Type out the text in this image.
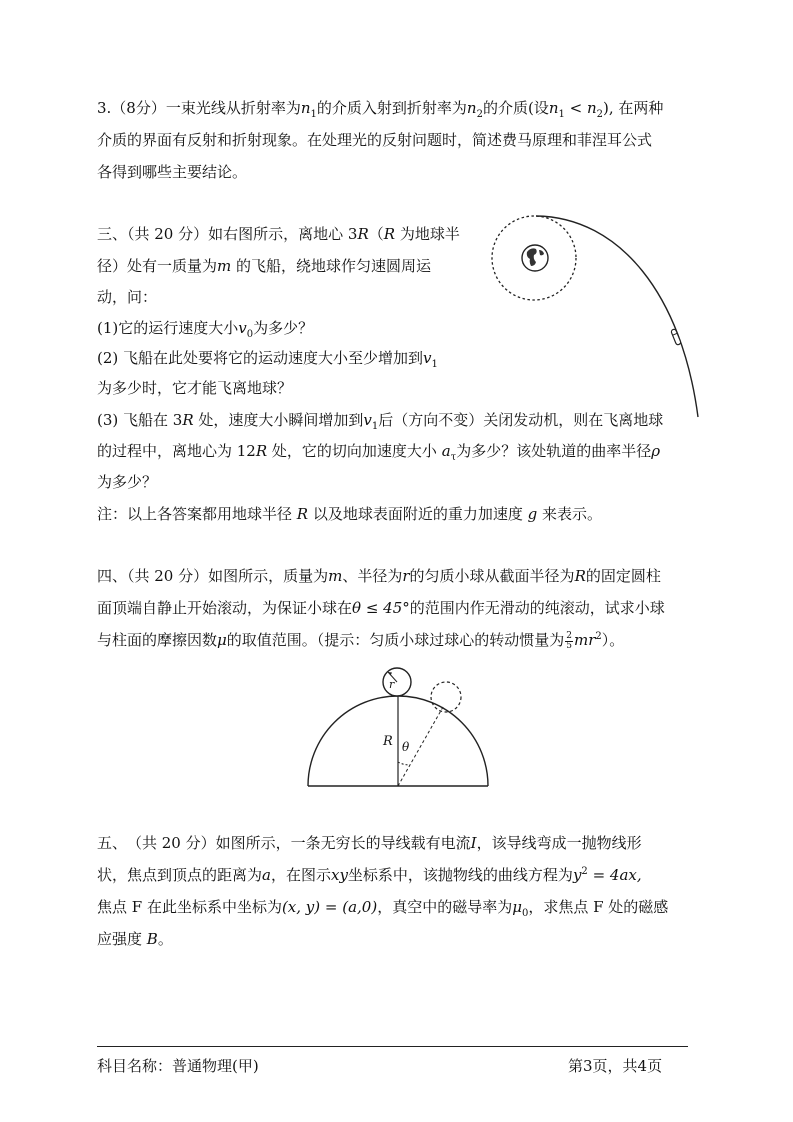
3.（8分）一束光线从折射率为$n_1$的介质入射到折射率为$n_2$的介质(设$n_1 < n_2$), 在两种
介质的界面有反射和折射现象。在处理光的反射问题时，简述费马原理和菲涅耳公式
各得到哪些主要结论。
三、（共 20 分）如右图所示，离地心 3R（R 为地球半
径）处有一质量为m 的飞船，绕地球作匀速圆周运
动，问：
(1)它的运行速度大小$v_0$为多少？
(2) 飞船在此处要将它的运动速度大小至少增加到$v_1$
为多少时，它才能飞离地球？
(3) 飞船在 3R 处，速度大小瞬间增加到$v_1$后（方向不变）关闭发动机，则在飞离地球
的过程中，离地心为 12R 处，它的切向加速度大小 $a_\tau$为多少？该处轨道的曲率半径ρ
为多少？
注：以上各答案都用地球半径 R 以及地球表面附近的重力加速度 g 来表示。
四、（共 20 分）如图所示，质量为m、半径为r的匀质小球从截面半径为R的固定圆柱
面顶端自静止开始滚动，为保证小球在θ ≤ 45°的范围内作无滑动的纯滚动，试求小球
与柱面的摩擦因数μ的取值范围。（提示：匀质小球过球心的转动惯量为 $\frac{2}{5} mr^2$）。
r
R θ
五、　（共 20 分）如图所示，一条无穷长的导线载有电流I，该导线弯成一抛物线形
状，焦点到顶点的距离为a，在图示xy坐标系中，该抛物线的曲线方程为$y^2 = 4ax$,
焦点 F 在此坐标系中坐标为(x, y) = (a,0)，真空中的磁导率为$\mu_0$，求焦点 F 处的磁感
应强度 B。
科目名称：普通物理(甲)	第3页，共4页
